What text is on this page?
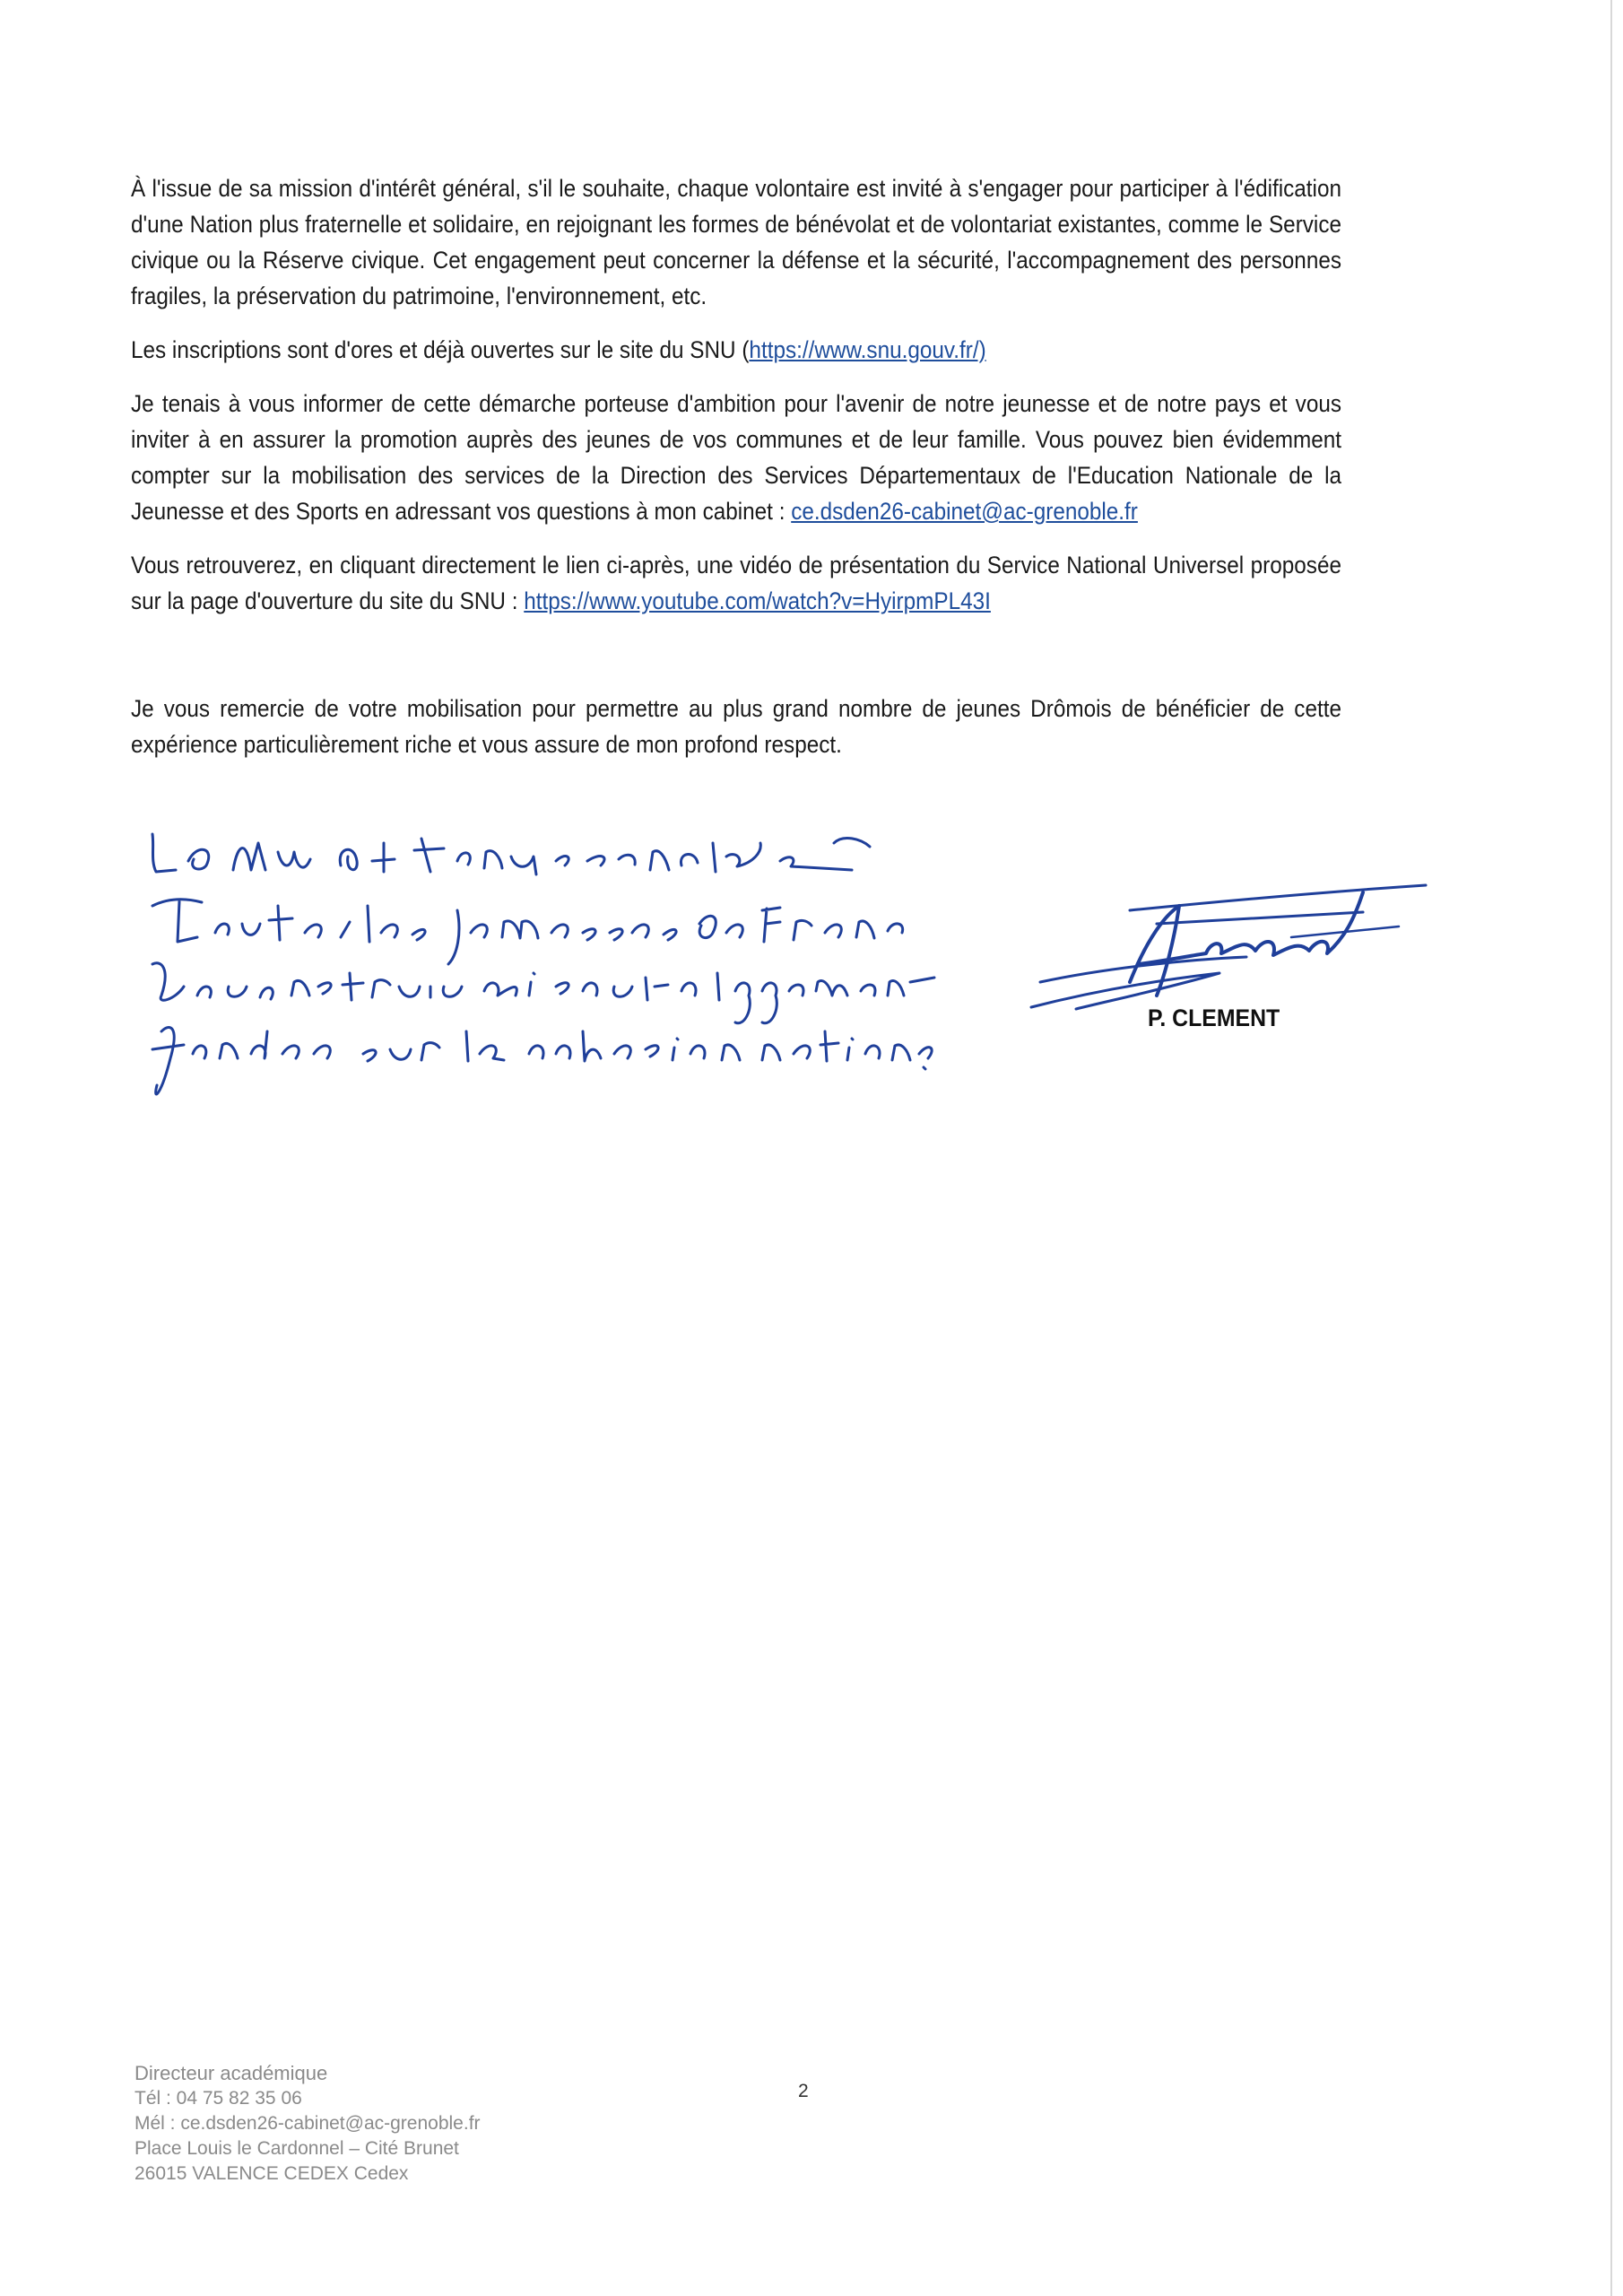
À l'issue de sa mission d'intérêt général, s'il le souhaite, chaque volontaire est invité à s'engager pour participer à l'édification d'une Nation plus fraternelle et solidaire, en rejoignant les formes de bénévolat et de volontariat existantes, comme le Service civique ou la Réserve civique. Cet engagement peut concerner la défense et la sécurité, l'accompagnement des personnes fragiles, la préservation du patrimoine, l'environnement, etc.

Les inscriptions sont d'ores et déjà ouvertes sur le site du SNU (https://www.snu.gouv.fr/)

Je tenais à vous informer de cette démarche porteuse d'ambition pour l'avenir de notre jeunesse et de notre pays et vous inviter à en assurer la promotion auprès des jeunes de vos communes et de leur famille. Vous pouvez bien évidemment compter sur la mobilisation des services de la Direction des Services Départementaux de l'Education Nationale de la Jeunesse et des Sports en adressant vos questions à mon cabinet : ce.dsden26-cabinet@ac-grenoble.fr

Vous retrouverez, en cliquant directement le lien ci-après, une vidéo de présentation du Service National Universel proposée sur la page d'ouverture du site du SNU : https://www.youtube.com/watch?v=HyirpmPL43I

Je vous remercie de votre mobilisation pour permettre au plus grand nombre de jeunes Drômois de bénéficier de cette expérience particulièrement riche et vous assure de mon profond respect.

P. CLEMENT
2
Directeur académique
Tél : 04 75 82 35 06
Mél : ce.dsden26-cabinet@ac-grenoble.fr
Place Louis le Cardonnel – Cité Brunet
26015 VALENCE CEDEX Cedex
